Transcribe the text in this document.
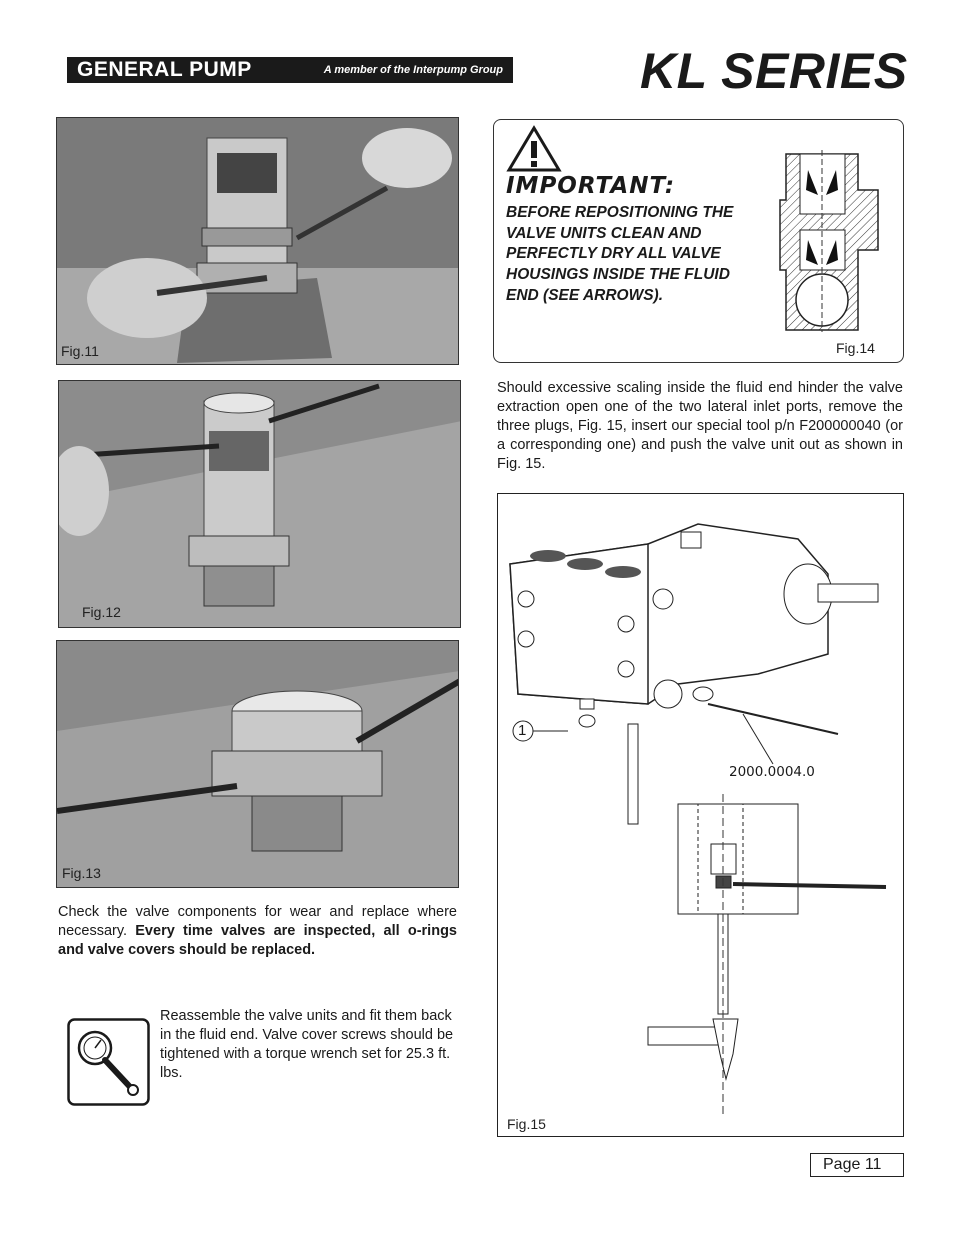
GENERAL PUMP	A member of the Interpump Group	KL SERIES
Fig.11
Fig.12
Fig.13
IMPORTANT:
BEFORE REPOSITIONING THE VALVE UNITS CLEAN AND PERFECTLY DRY ALL VALVE HOUSINGS INSIDE THE FLUID END (SEE ARROWS).
Fig.14
Should excessive scaling inside the fluid end hinder the valve extraction open one of the two lateral inlet ports, remove the three plugs, Fig. 15, insert our special tool p/n F200000040 (or a corresponding one) and push the valve unit out as shown in Fig. 15.
1
2000.0004.0
Fig.15
Check the valve components for wear and replace where necessary. Every time valves are inspected, all o-rings and valve covers should be replaced.
Reassemble the valve units and fit them back in the fluid end. Valve cover screws should be tightened with a torque wrench set for 25.3 ft. lbs.
Page 11
